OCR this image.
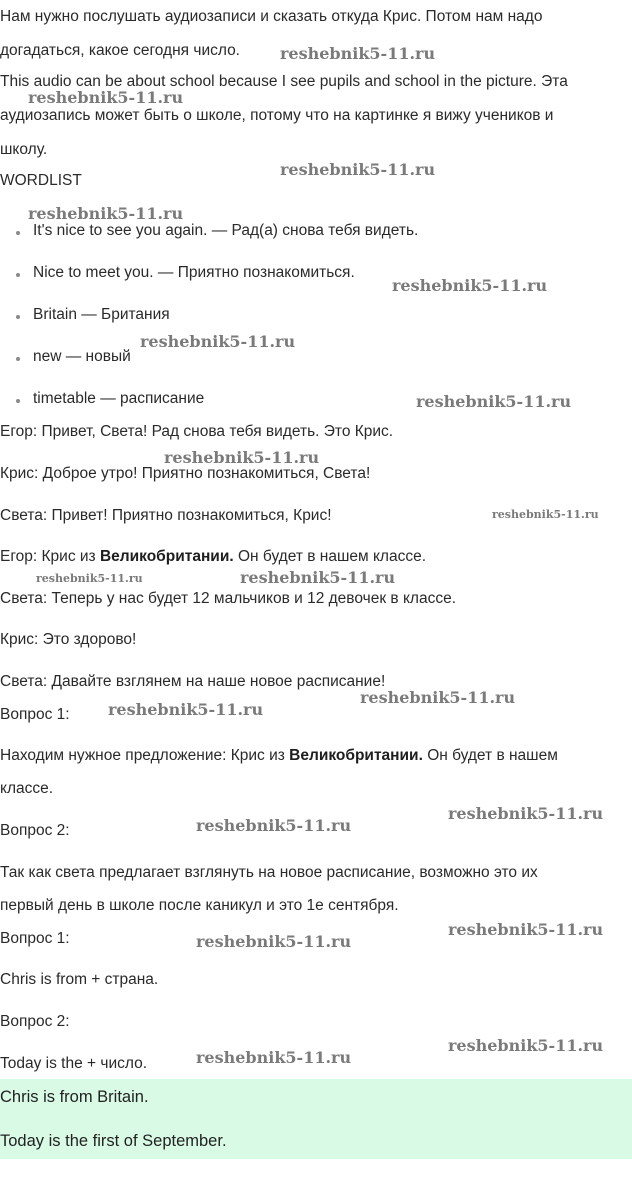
Нам нужно послушать аудиозаписи и сказать откуда Крис. Потом нам надо
догадаться, какое сегодня число.
This audio can be about school because I see pupils and school in the picture. Эта
аудиозапись может быть о школе, потому что на картинке я вижу учеников и
школу.
WORDLIST
It's nice to see you again. — Рад(а) снова тебя видеть.
Nice to meet you. — Приятно познакомиться.
Britain — Британия
new — новый
timetable — расписание
Егор: Привет, Света! Рад снова тебя видеть. Это Крис.
Крис: Доброе утро! Приятно познакомиться, Света!
Света: Привет! Приятно познакомиться, Крис!
Егор: Крис из Великобритании. Он будет в нашем классе.
Света: Теперь у нас будет 12 мальчиков и 12 девочек в классе.
Крис: Это здорово!
Света: Давайте взглянем на наше новое расписание!
Вопрос 1:
Находим нужное предложение: Крис из Великобритании. Он будет в нашем
классе.
Вопрос 2:
Так как света предлагает взглянуть на новое расписание, возможно это их
первый день в школе после каникул и это 1е сентября.
Вопрос 1:
Chris is from + страна.
Вопрос 2:
Today is the + число.
Chris is from Britain.
Today is the first of September.
reshebnik5-11.ru
reshebnik5-11.ru
reshebnik5-11.ru
reshebnik5-11.ru
reshebnik5-11.ru
reshebnik5-11.ru
reshebnik5-11.ru
reshebnik5-11.ru
reshebnik5-11.ru
reshebnik5-11.ru	reshebnik5-11.ru
reshebnik5-11.ru
reshebnik5-11.ru
reshebnik5-11.ru
reshebnik5-11.ru
reshebnik5-11.ru
reshebnik5-11.ru
reshebnik5-11.ru
reshebnik5-11.ru
